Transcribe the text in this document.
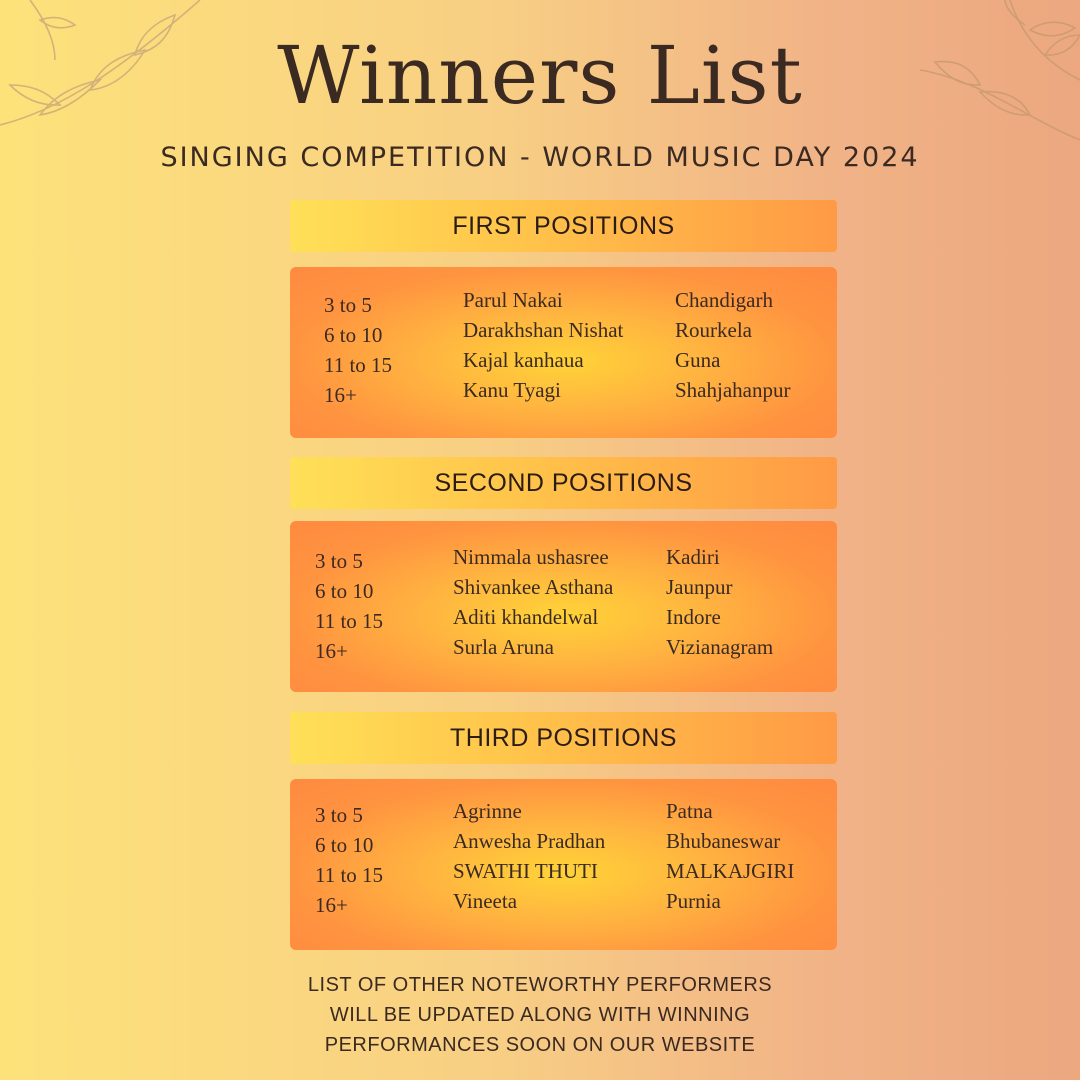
Winners List
SINGING COMPETITION - WORLD MUSIC DAY 2024
FIRST POSITIONS
3 to 5
6 to 10
11 to 15
16+
Parul Nakai
Darakhshan Nishat
Kajal kanhaua
Kanu Tyagi
Chandigarh
Rourkela
Guna
Shahjahanpur
SECOND POSITIONS
3 to 5
6 to 10
11 to 15
16+
Nimmala ushasree
Shivankee Asthana
Aditi khandelwal
Surla Aruna
Kadiri
Jaunpur
Indore
Vizianagram
THIRD POSITIONS
3 to 5
6 to 10
11 to 15
16+
Agrinne
Anwesha Pradhan
SWATHI THUTI
Vineeta
Patna
Bhubaneswar
MALKAJGIRI
Purnia
LIST OF OTHER NOTEWORTHY PERFORMERS
WILL BE UPDATED ALONG WITH WINNING
PERFORMANCES SOON ON OUR WEBSITE
